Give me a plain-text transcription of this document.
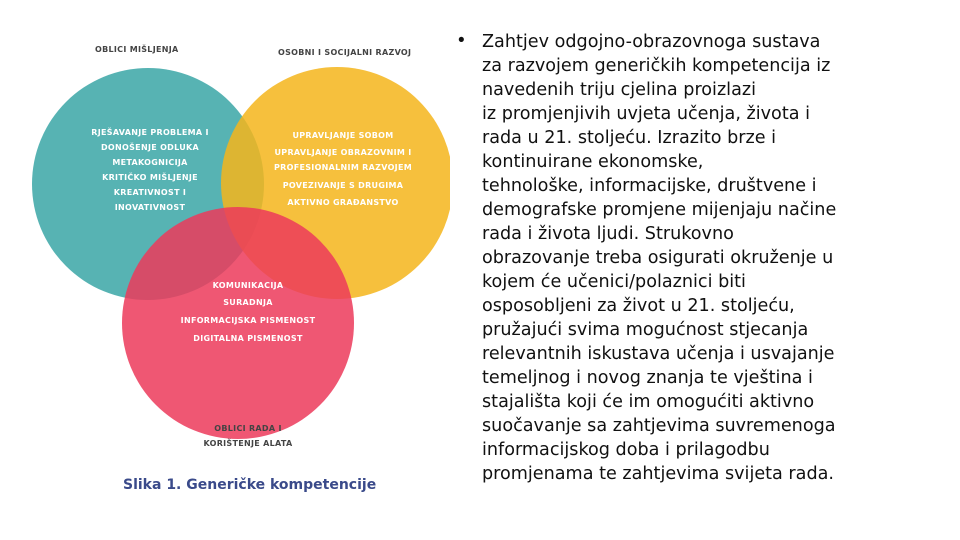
OBLICI MIŠLJENJA	OSOBNI I SOCIJALNI RAZVOJ
RJEŠAVANJE PROBLEMA I
DONOŠENJE ODLUKA
METAKOGNICIJA
KRITIČKO MIŠLJENJE
KREATIVNOST I
INOVATIVNOST
UPRAVLJANJE SOBOM
UPRAVLJANJE OBRAZOVNIM I
PROFESIONALNIM RAZVOJEM
POVEZIVANJE S DRUGIMA
AKTIVNO GRAĐANSTVO
KOMUNIKACIJA
SURADNJA
INFORMACIJSKA PISMENOST
DIGITALNA PISMENOST
OBLICI RADA I
KORIŠTENJE ALATA
Slika 1. Generičke kompetencije
• Zahtjev odgojno-obrazovnoga sustava
za razvojem generičkih kompetencija iz
navedenih triju cjelina proizlazi
iz promjenjivih uvjeta učenja, života i
rada u 21. stoljeću. Izrazito brze i
kontinuirane ekonomske,
tehnološke, informacijske, društvene i
demografske promjene mijenjaju načine
rada i života ljudi. Strukovno
obrazovanje treba osigurati okruženje u
kojem će učenici/polaznici biti
osposobljeni za život u 21. stoljeću,
pružajući svima mogućnost stjecanja
relevantnih iskustava učenja i usvajanje
temeljnog i novog znanja te vještina i
stajališta koji će im omogućiti aktivno
suočavanje sa zahtjevima suvremenoga
informacijskog doba i prilagodbu
promjenama te zahtjevima svijeta rada.
